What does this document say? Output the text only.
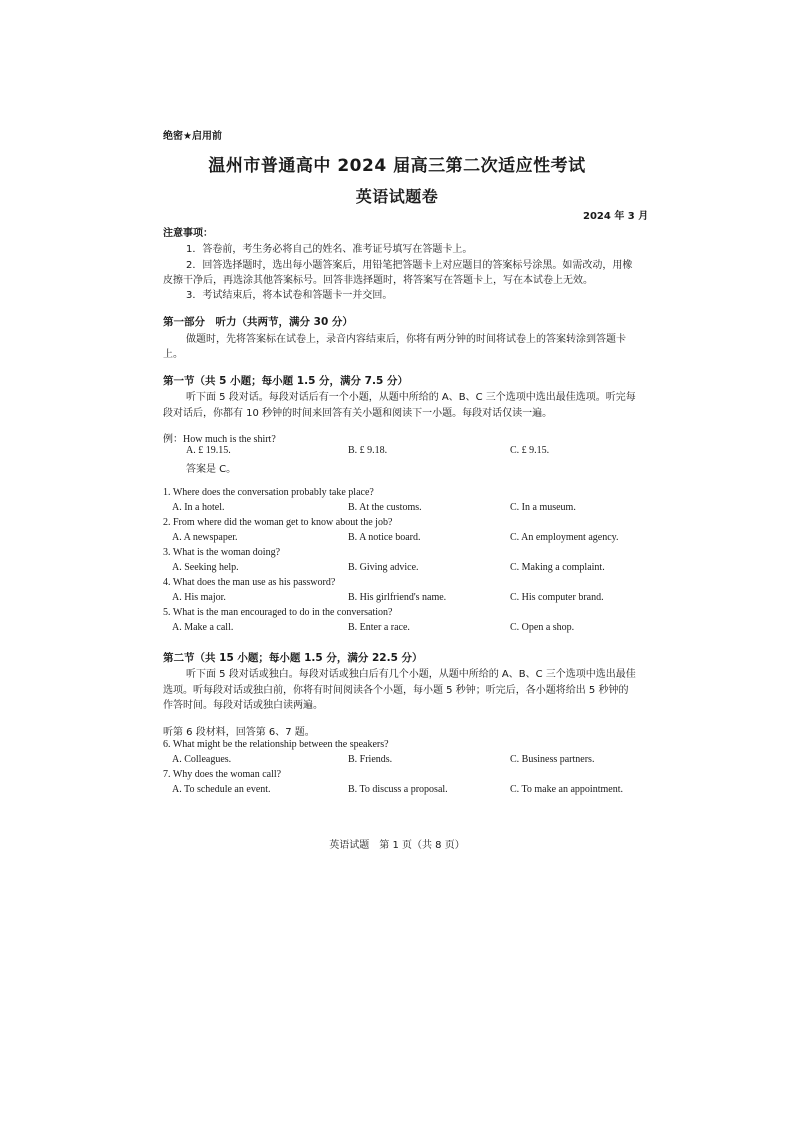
绝密★启用前
温州市普通高中 2024 届高三第二次适应性考试
英语试题卷
2024 年 3 月
注意事项：
1．答卷前，考生务必将自己的姓名、准考证号填写在答题卡上。
2．回答选择题时，选出每小题答案后，用铅笔把答题卡上对应题目的答案标号涂黑。如需改动，用橡
皮擦干净后，再选涂其他答案标号。回答非选择题时，将答案写在答题卡上，写在本试卷上无效。
3．考试结束后，将本试卷和答题卡一并交回。
第一部分　听力（共两节，满分 30 分）
做题时，先将答案标在试卷上，录音内容结束后，你将有两分钟的时间将试卷上的答案转涂到答题卡
上。
第一节（共 5 小题；每小题 1.5 分，满分 7.5 分）
听下面 5 段对话。每段对话后有一个小题，从题中所给的 A、B、C 三个选项中选出最佳选项。听完每
段对话后，你都有 10 秒钟的时间来回答有关小题和阅读下一小题。每段对话仅读一遍。
例：How much is the shirt?
A. £ 19.15.	B. £ 9.18.	C. £ 9.15.
答案是 C。
1. Where does the conversation probably take place?
A. In a hotel.	B. At the customs.	C. In a museum.
2. From where did the woman get to know about the job?
A. A newspaper.	B. A notice board.	C. An employment agency.
3. What is the woman doing?
A. Seeking help.	B. Giving advice.	C. Making a complaint.
4. What does the man use as his password?
A. His major.	B. His girlfriend's name.	C. His computer brand.
5. What is the man encouraged to do in the conversation?
A. Make a call.	B. Enter a race.	C. Open a shop.
第二节（共 15 小题；每小题 1.5 分，满分 22.5 分）
听下面 5 段对话或独白。每段对话或独白后有几个小题，从题中所给的 A、B、C 三个选项中选出最佳
选项。听每段对话或独白前，你将有时间阅读各个小题，每小题 5 秒钟；听完后，各小题将给出 5 秒钟的
作答时间。每段对话或独白读两遍。
听第 6 段材料，回答第 6、7 题。
6. What might be the relationship between the speakers?
A. Colleagues.	B. Friends.	C. Business partners.
7. Why does the woman call?
A. To schedule an event.	B. To discuss a proposal.	C. To make an appointment.
英语试题　第 1 页（共 8 页）
